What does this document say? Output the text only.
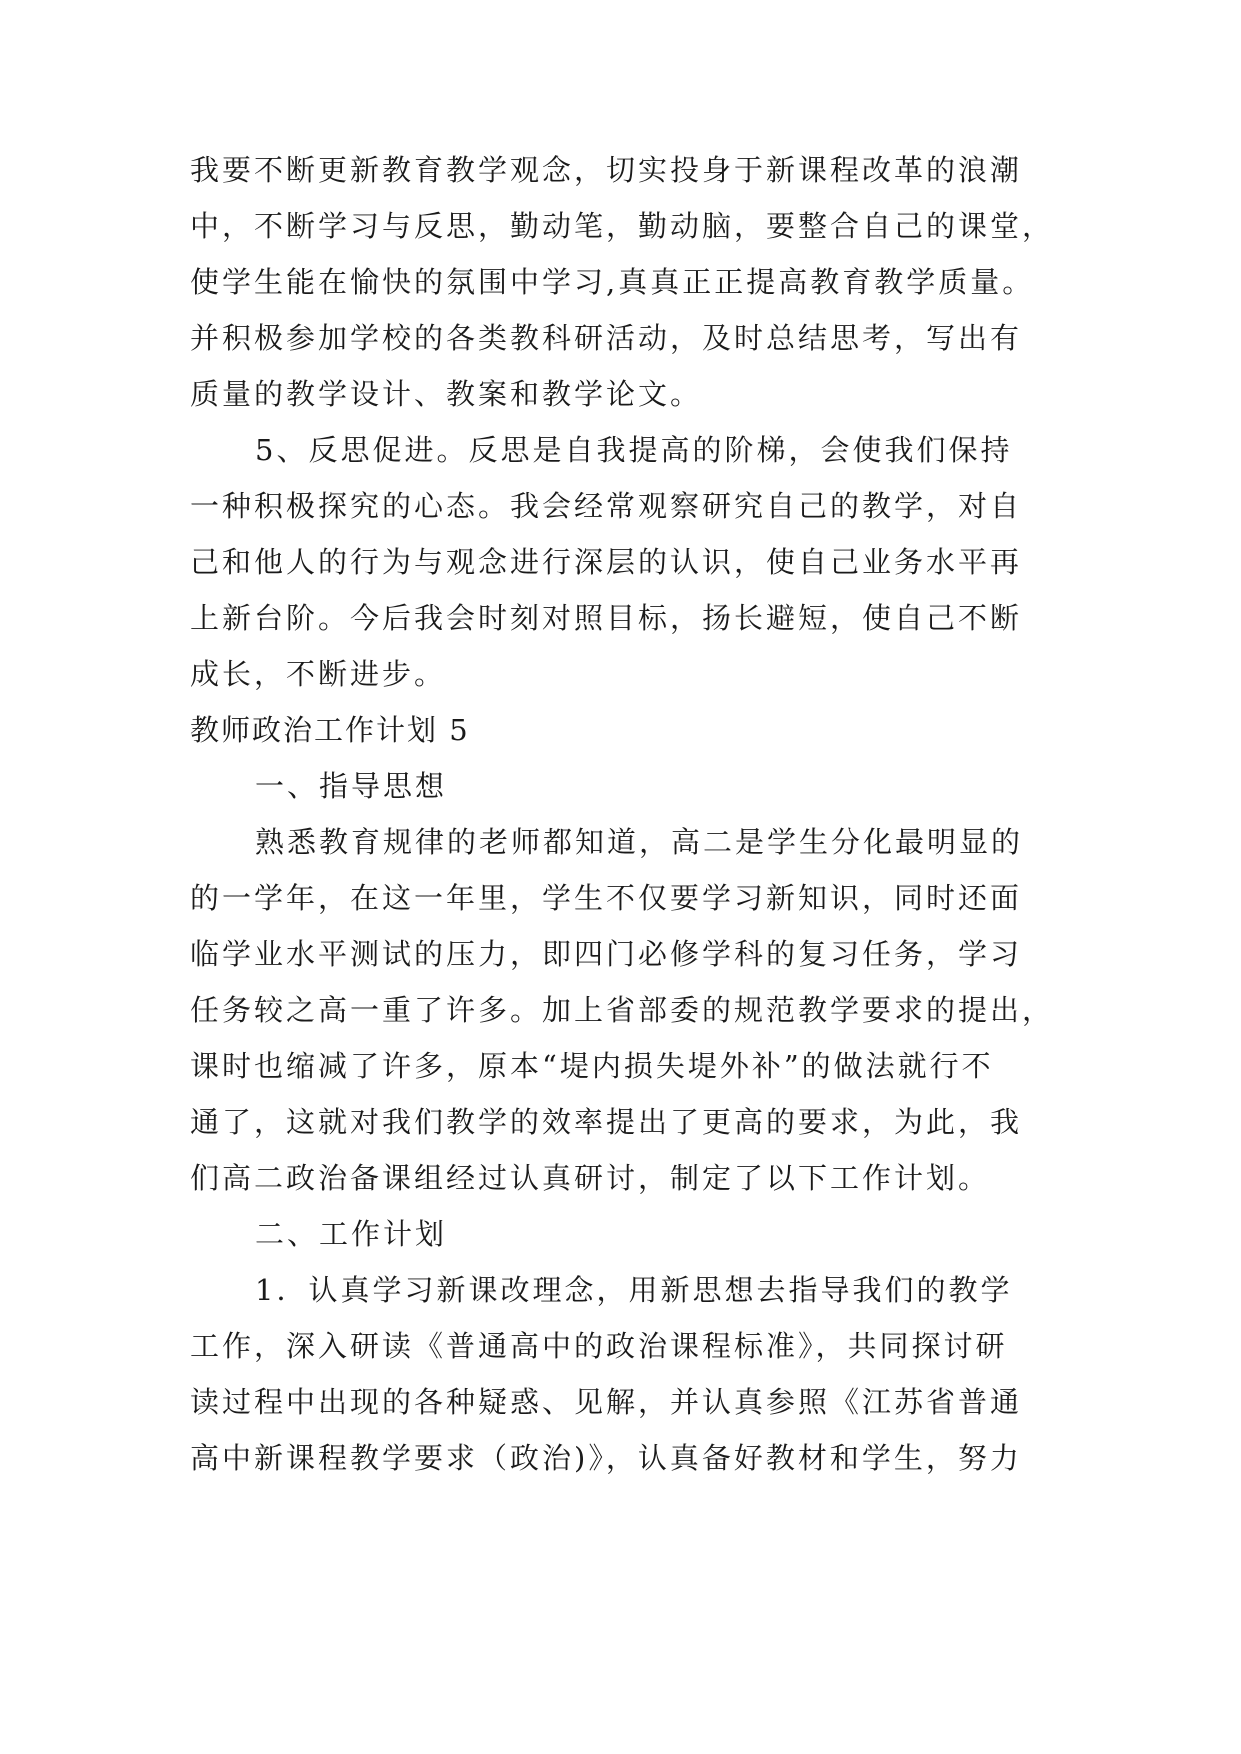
我要不断更新教育教学观念，切实投身于新课程改革的浪潮
中，不断学习与反思，勤动笔，勤动脑，要整合自己的课堂，
使学生能在愉快的氛围中学习,真真正正提高教育教学质量。
并积极参加学校的各类教科研活动，及时总结思考，写出有
质量的教学设计、教案和教学论文。
5、反思促进。反思是自我提高的阶梯，会使我们保持
一种积极探究的心态。我会经常观察研究自己的教学，对自
己和他人的行为与观念进行深层的认识，使自己业务水平再
上新台阶。今后我会时刻对照目标，扬长避短，使自己不断
成长，不断进步。
教师政治工作计划 5
一、指导思想
熟悉教育规律的老师都知道，高二是学生分化最明显的
的一学年，在这一年里，学生不仅要学习新知识，同时还面
临学业水平测试的压力，即四门必修学科的复习任务，学习
任务较之高一重了许多。加上省部委的规范教学要求的提出，
课时也缩减了许多，原本“堤内损失堤外补”的做法就行不
通了，这就对我们教学的效率提出了更高的要求，为此，我
们高二政治备课组经过认真研讨，制定了以下工作计划。
二、工作计划
1．认真学习新课改理念，用新思想去指导我们的教学
工作，深入研读《普通高中的政治课程标准》，共同探讨研
读过程中出现的各种疑惑、见解，并认真参照《江苏省普通
高中新课程教学要求（政治)》，认真备好教材和学生，努力
